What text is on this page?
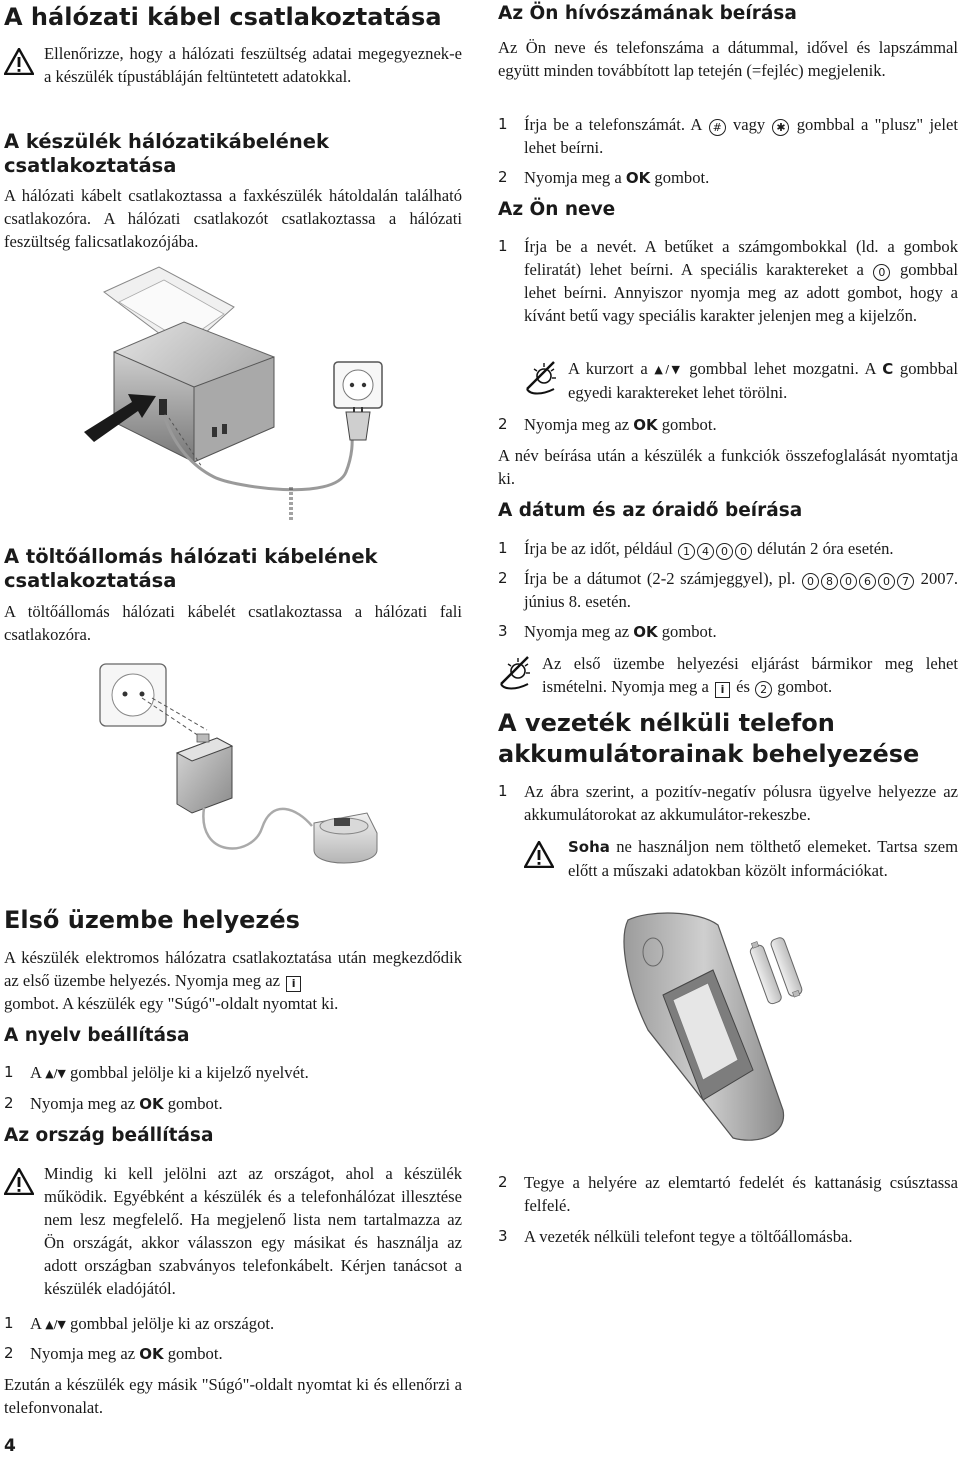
A hálózati kábel csatlakoztatása
Ellenőrizze, hogy a hálózati feszültség adatai megegyeznek-e a készülék típustábláján feltüntetett adatokkal.
A készülék hálózatikábelének csatlakoztatása
A hálózati kábelt csatlakoztassa a faxkészülék hátoldalán található csatlakozóra. A hálózati csatlakozót csatlakoztassa a hálózati feszültség falicsatlakozójába.
A töltőállomás hálózati kábelének csatlakoztatása
A töltőállomás hálózati kábelét csatlakoztassa a hálózati fali csatlakozóra.
Első üzembe helyezés
A készülék elektromos hálózatra csatlakoztatása után megkezdődik az első üzembe helyezés. Nyomja meg az i
gombot. A készülék egy "Súgó"-oldalt nyomtat ki.
A nyelv beállítása
1 A ▲/▼ gombbal jelölje ki a kijelző nyelvét.
2 Nyomja meg az OK gombot.
Az ország beállítása
Mindig ki kell jelölni azt az országot, ahol a készülék működik. Egyébként a készülék és a telefonhálózat illesztése nem lesz megfelelő. Ha megjelenő lista nem tartalmazza az Ön országát, akkor válasszon egy másikat és használja az adott országban szabványos telefonkábelt. Kérjen tanácsot a készülék eladójától.
1 A ▲/▼ gombbal jelölje ki az országot.
2 Nyomja meg az OK gombot.
Ezután a készülék egy másik "Súgó"-oldalt nyomtat ki és ellenőrzi a telefonvonalat.
4
Az Ön hívószámának beírása
Az Ön neve és telefonszáma a dátummal, idővel és lapszámmal együtt minden továbbított lap tetején (=fejléc) megjelenik.
1 Írja be a telefonszámát. A # vagy ✱ gombbal a "plusz" jelet lehet beírni.
2 Nyomja meg a OK gombot.
Az Ön neve
1 Írja be a nevét. A betűket a számgombokkal (ld. a gombok feliratát) lehet beírni. A speciális karaktereket a 0 gombbal lehet beírni. Annyiszor nyomja meg az adott gombot, hogy a kívánt betű vagy speciális karakter jelenjen meg a kijelzőn.
A kurzort a ▲/▼ gombbal lehet mozgatni. A C gombbal egyedi karaktereket lehet törölni.
2 Nyomja meg az OK gombot.
A név beírása után a készülék a funkciók összefoglalását nyomtatja ki.
A dátum és az óraidő beírása
1 Írja be az időt, például 1 4 0 0 délután 2 óra esetén.
2 Írja be a dátumot (2-2 számjeggyel), pl. 0 8 0 6 0 7 2007. június 8. esetén.
3 Nyomja meg az OK gombot.
Az első üzembe helyezési eljárást bármikor meg lehet ismételni. Nyomja meg a i és 2 gombot.
A vezeték nélküli telefon akkumulátorainak behelyezése
1 Az ábra szerint, a pozitív-negatív pólusra ügyelve helyezze az akkumulátorokat az akkumulátor-rekeszbe.
Soha ne használjon nem tölthető elemeket. Tartsa szem előtt a műszaki adatokban közölt információkat.
2 Tegye a helyére az elemtartó fedelét és kattanásig csúsztassa felfelé.
3 A vezeték nélküli telefont tegye a töltőállomásba.
